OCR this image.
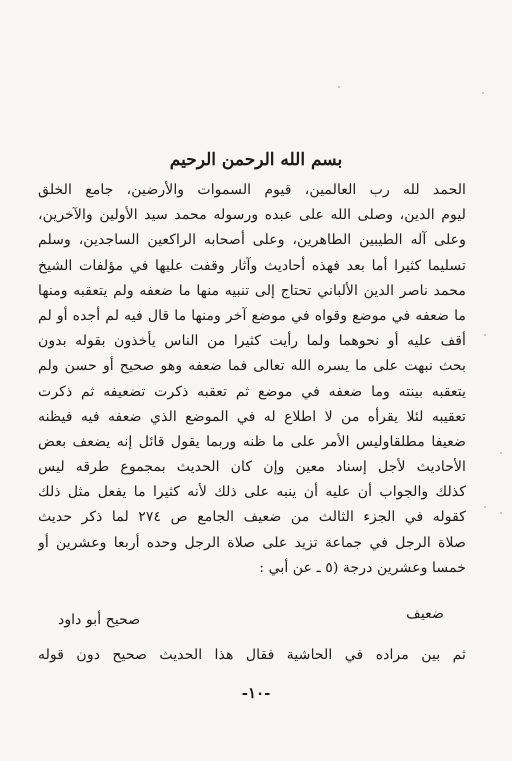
بسم الله الرحمن الرحيم
الحمد لله رب العالمين، قيوم السموات والأرضين، جامع الخلق
ليوم الدين، وصلى الله على عبده ورسوله محمد سيد الأولين والآخرين،
وعلى آله الطيبين الطاهرين، وعلى أصحابه الراكعين الساجدين، وسلم
تسليما كثيرا أما بعد فهذه أحاديث وآثار وقفت عليها في مؤلفات الشيخ
محمد ناصر الدين الألباني تحتاج إلى تنبيه منها ما ضعفه ولم يتعقبه ومنها
ما ضعفه في موضع وقواه في موضع آخر ومنها ما قال فيه لم أجده أو لم
أقف عليه أو نحوهما ولما رأيت كثيرا من الناس يأخذون بقوله بدون
بحث نبهت على ما يسره الله تعالى فما ضعفه وهو صحيح أو حسن ولم
يتعقبه بينته وما ضعفه في موضع ثم تعقبه ذكرت تضعيفه ثم ذكرت
تعقيبه لئلا يقرأه من لا اطلاع له في الموضع الذي ضعفه فيه فيظنه
ضعيفا مطلقاوليس الأمر على ما ظنه وربما يقول قائل إنه يضعف بعض
الأحاديث لأجل إسناد معين وإن كان الحديث بمجموع طرقه ليس
كذلك والجواب أن عليه أن ينبه على ذلك لأنه كثيرا ما يفعل مثل ذلك
كقوله في الجزء الثالث من ضعيف الجامع ص ٢٧٤ لما ذكر حديث
صلاة الرجل في جماعة تزيد على صلاة الرجل وحده أربعا وعشرين أو
خمسا وعشرين درجة (٥ ـ عن أبي :
ضعيف
صحيح أبو داود
ثم بين مراده في الحاشية فقال هذا الحديث صحيح دون قوله
-١٠-
